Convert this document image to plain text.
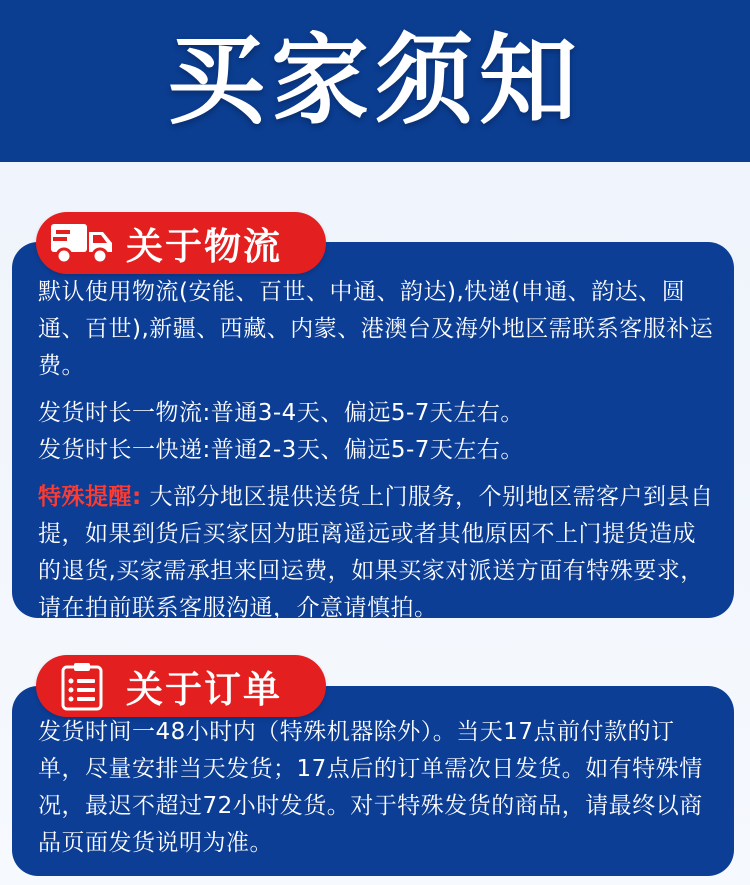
买家须知

默认使用物流(安能、百世、中通、韵达),快递(申通、韵达、圆通、百世),新疆、西藏、内蒙、港澳台及海外地区需联系客服补运费。

发货时长一物流:普通3-4天、偏远5-7天左右。

发货时长一快递:普通2-3天、偏远5-7天左右。

特殊提醒: 大部分地区提供送货上门服务，个别地区需客户到县自提，如果到货后买家因为距离遥远或者其他原因不上门提货造成的退货,买家需承担来回运费，如果买家对派送方面有特殊要求，请在拍前联系客服沟通，介意请慎拍。

关于物流

发货时间一48小时内（特殊机器除外）。当天17点前付款的订单，尽量安排当天发货；17点后的订单需次日发货。如有特殊情况，最迟不超过72小时发货。对于特殊发货的商品，请最终以商品页面发货说明为准。

关于订单
